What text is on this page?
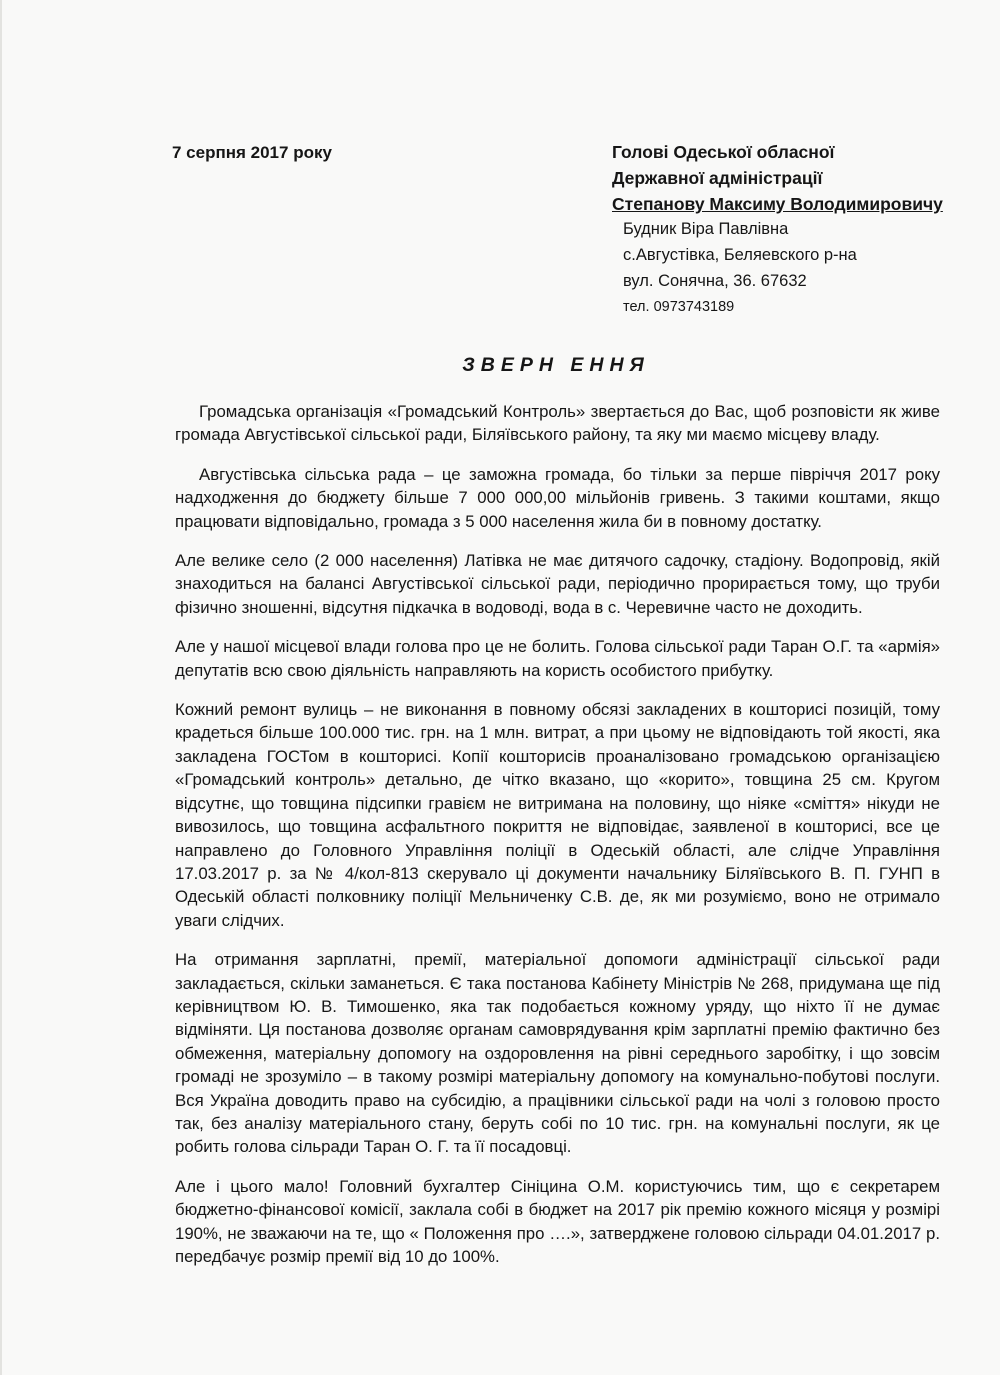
7 серпня 2017 року	Голові Одеської обласної
Державної адміністрації
Степанову Максиму Володимировичу
Будник Віра Павлівна
с.Августівка, Беляевского р-на
вул. Сонячна, 36. 67632
тел. 0973743189
ЗВЕРН ЕННЯ

Громадська організація «Громадський Контроль» звертається до Вас, щоб розповісти як живе громада Августівської сільської ради, Біляївського району, та яку ми маємо місцеву владу.

Августівська сільська рада – це заможна громада, бо тільки за перше півріччя 2017 року надходження до бюджету більше 7 000 000,00 мільйонів гривень. З такими коштами, якщо працювати відповідально, громада з 5 000 населення жила би в повному достатку.

Але велике село (2 000 населення) Латівка не має дитячого садочку, стадіону. Водопровід, якій знаходиться на балансі Августівської сільської ради, періодично прорирається тому, що труби фізично зношенні, відсутня підкачка в водоводі, вода в с. Черевичне часто не доходить.

Але у нашої місцевої влади голова про це не болить. Голова сільської ради Таран О.Г. та «армія» депутатів всю свою діяльність направляють на користь особистого прибутку.

Кожний ремонт вулиць – не виконання в повному обсязі закладених в кошторисі позицій, тому крадеться більше 100.000 тис. грн. на 1 млн. витрат, а при цьому не відповідають той якості, яка закладена ГОСТом в кошторисі. Копії кошторисів проаналізовано громадською організацією «Громадський контроль» детально, де чітко вказано, що «корито», товщина 25 см. Кругом відсутнє, що товщина підсипки гравієм не витримана на половину, що ніяке «сміття» нікуди не вивозилось, що товщина асфальтного покриття не відповідає, заявленої в кошторисі, все це направлено до Головного Управління поліції в Одеській області, але слідче Управління 17.03.2017 р. за № 4/кол-813 скерувало ці документи начальнику Біляївського В. П. ГУНП в Одеській області полковнику поліції Мельниченку С.В. де, як ми розуміємо, воно не отримало уваги слідчих.

На отримання зарплатні, премії, матеріальної допомоги адміністрації сільської ради закладається, скільки заманеться. Є така постанова Кабінету Міністрів № 268, придумана ще під керівництвом Ю. В. Тимошенко, яка так подобається кожному уряду, що ніхто її не думає відміняти. Ця постанова дозволяє органам самоврядування крім зарплатні премію фактично без обмеження, матеріальну допомогу на оздоровлення на рівні середнього заробітку, і що зовсім громаді не зрозуміло – в такому розмірі матеріальну допомогу на комунально-побутові послуги. Вся Україна доводить право на субсидію, а працівники сільської ради на чолі з головою просто так, без аналізу матеріального стану, беруть собі по 10 тис. грн. на комунальні послуги, як це робить голова сільради Таран О. Г. та її посадовці.

Але і цього мало! Головний бухгалтер Сініцина О.М. користуючись тим, що є секретарем бюджетно-фінансової комісії, заклала собі в бюджет на 2017 рік премію кожного місяця у розмірі 190%, не зважаючи на те, що « Положення про ….», затверджене головою сільради 04.01.2017 р. передбачує розмір премії від 10 до 100%.
